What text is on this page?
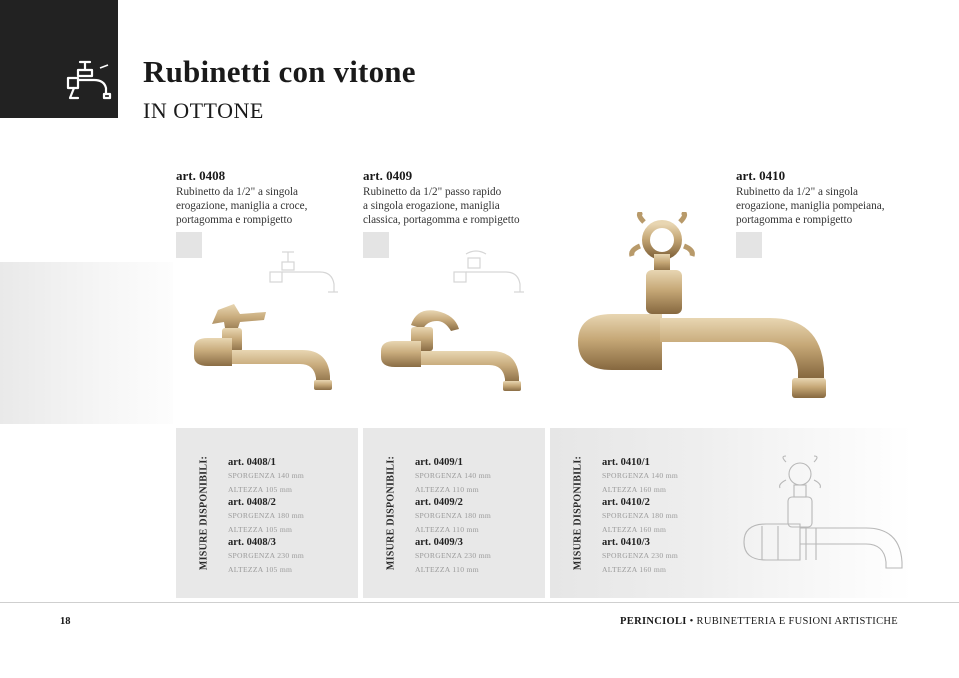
Rubinetti con vitone
IN OTTONE
art. 0408
Rubinetto da 1/2" a singola
erogazione, maniglia a croce,
portagomma e rompigetto
art. 0409
Rubinetto da 1/2" passo rapido
a singola erogazione, maniglia
classica, portagomma e rompigetto
art. 0410
Rubinetto da 1/2" a singola
erogazione, maniglia pompeiana,
portagomma e rompigetto
MISURE DISPONIBILI: art. 0408/1
SPORGENZA 140 mm
ALTEZZA 105 mm
art. 0408/2
SPORGENZA 180 mm
ALTEZZA 105 mm
art. 0408/3
SPORGENZA 230 mm
ALTEZZA 105 mm	MISURE DISPONIBILI: art. 0409/1
SPORGENZA 140 mm
ALTEZZA 110 mm
art. 0409/2
SPORGENZA 180 mm
ALTEZZA 110 mm
art. 0409/3
SPORGENZA 230 mm
ALTEZZA 110 mm	MISURE DISPONIBILI: art. 0410/1
SPORGENZA 140 mm
ALTEZZA 160 mm
art. 0410/2
SPORGENZA 180 mm
ALTEZZA 160 mm
art. 0410/3
SPORGENZA 230 mm
ALTEZZA 160 mm
18	PERINCIOLI • RUBINETTERIA E FUSIONI ARTISTICHE
